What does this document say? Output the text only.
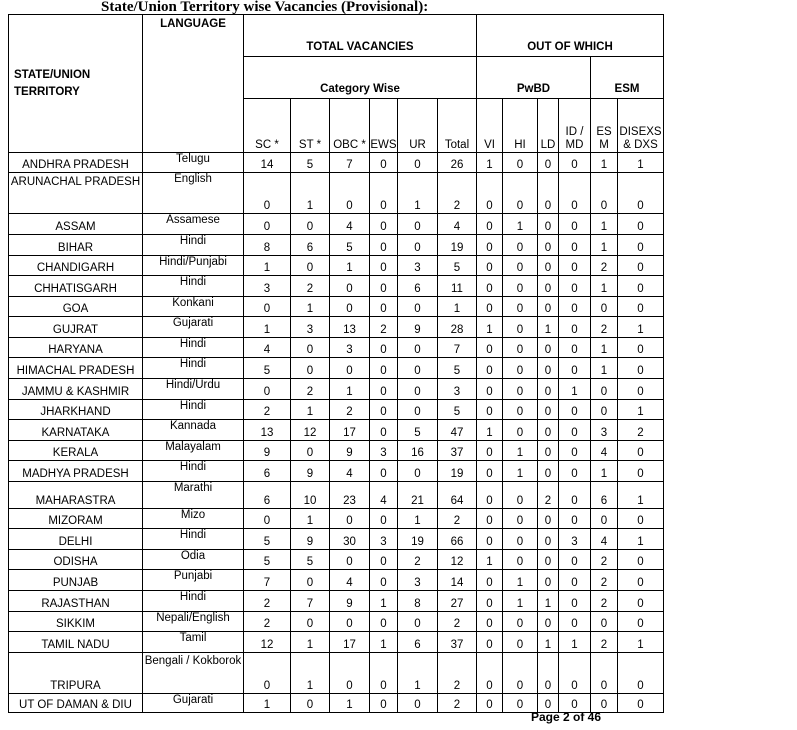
State/Union Territory wise Vacancies (Provisional):
STATE/UNION TERRITORY	LANGUAGE	TOTAL VACANCIES						OUT OF WHICH					
		Category Wise						PwBD				ESM	
		SC *	ST *	OBC *	EWS	UR	Total	VI	HI	LD	ID / MD	ES M	DISEXS & DXS
ANDHRA PRADESH	Telugu	14	5	7	0	0	26	1	0	0	0	1	1
ARUNACHAL PRADESH	English	0	1	0	0	1	2	0	0	0	0	0	0
ASSAM	Assamese	0	0	4	0	0	4	0	1	0	0	1	0
BIHAR	Hindi	8	6	5	0	0	19	0	0	0	0	1	0
CHANDIGARH	Hindi/Punjabi	1	0	1	0	3	5	0	0	0	0	2	0
CHHATISGARH	Hindi	3	2	0	0	6	11	0	0	0	0	1	0
GOA	Konkani	0	1	0	0	0	1	0	0	0	0	0	0
GUJRAT	Gujarati	1	3	13	2	9	28	1	0	1	0	2	1
HARYANA	Hindi	4	0	3	0	0	7	0	0	0	0	1	0
HIMACHAL PRADESH	Hindi	5	0	0	0	0	5	0	0	0	0	1	0
JAMMU & KASHMIR	Hindi/Urdu	0	2	1	0	0	3	0	0	0	1	0	0
JHARKHAND	Hindi	2	1	2	0	0	5	0	0	0	0	0	1
KARNATAKA	Kannada	13	12	17	0	5	47	1	0	0	0	3	2
KERALA	Malayalam	9	0	9	3	16	37	0	1	0	0	4	0
MADHYA PRADESH	Hindi	6	9	4	0	0	19	0	1	0	0	1	0
MAHARASTRA	Marathi	6	10	23	4	21	64	0	0	2	0	6	1
MIZORAM	Mizo	0	1	0	0	1	2	0	0	0	0	0	0
DELHI	Hindi	5	9	30	3	19	66	0	0	0	3	4	1
ODISHA	Odia	5	5	0	0	2	12	1	0	0	0	2	0
PUNJAB	Punjabi	7	0	4	0	3	14	0	1	0	0	2	0
RAJASTHAN	Hindi	2	7	9	1	8	27	0	1	1	0	2	0
SIKKIM	Nepali/English	2	0	0	0	0	2	0	0	0	0	0	0
TAMIL NADU	Tamil	12	1	17	1	6	37	0	0	1	1	2	1
TRIPURA	Bengali / Kokborok	0	1	0	0	1	2	0	0	0	0	0	0
UT OF DAMAN & DIU	Gujarati	1	0	1	0	0	2	0	0	0	0	0	0
Page 2 of 46
